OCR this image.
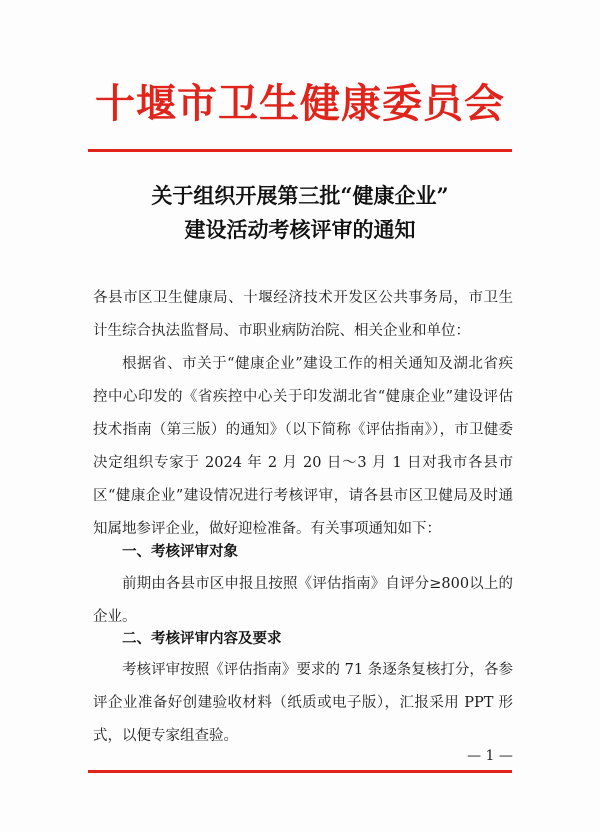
十堰市卫生健康委员会
关于组织开展第三批“健康企业”
建设活动考核评审的通知
各县市区卫生健康局、十堰经济技术开发区公共事务局，市卫生计生综合执法监督局、市职业病防治院、相关企业和单位：
根据省、市关于“健康企业”建设工作的相关通知及湖北省疾控中心印发的《省疾控中心关于印发湖北省“健康企业”建设评估技术指南（第三版）的通知》（以下简称《评估指南》），市卫健委决定组织专家于 2024 年 2 月 20 日～3 月 1 日对我市各县市区“健康企业”建设情况进行考核评审，请各县市区卫健局及时通知属地参评企业，做好迎检准备。有关事项通知如下：
一、考核评审对象
前期由各县市区申报且按照《评估指南》自评分≥800以上的企业。
二、考核评审内容及要求
考核评审按照《评估指南》要求的 71 条逐条复核打分，各参评企业准备好创建验收材料（纸质或电子版），汇报采用 PPT 形式，以便专家组查验。
— 1 —
